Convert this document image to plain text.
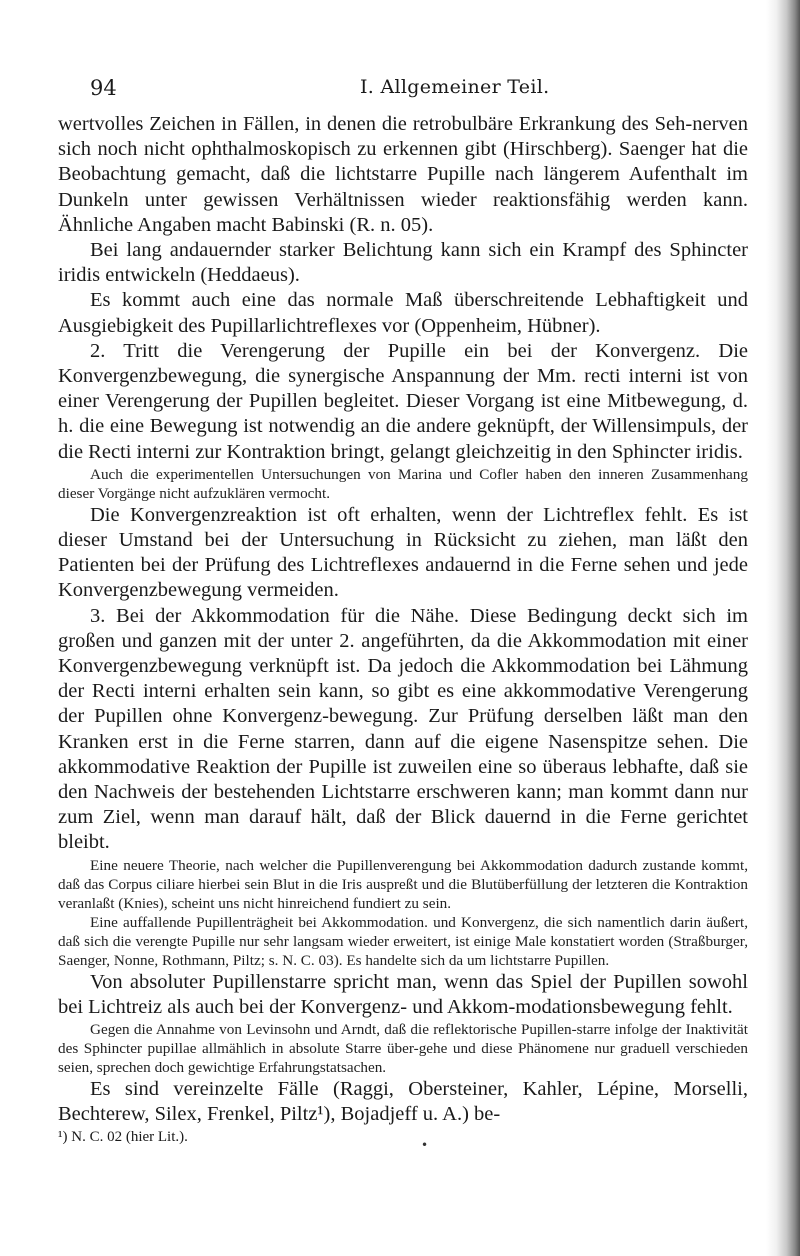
94	I. Allgemeiner Teil.

wertvolles Zeichen in Fällen, in denen die retrobulbäre Erkrankung des Seh-nerven sich noch nicht ophthalmoskopisch zu erkennen gibt (Hirschberg). Saenger hat die Beobachtung gemacht, daß die lichtstarre Pupille nach längerem Aufenthalt im Dunkeln unter gewissen Verhältnissen wieder reaktionsfähig werden kann. Ähnliche Angaben macht Babinski (R. n. 05).

Bei lang andauernder starker Belichtung kann sich ein Krampf des Sphincter iridis entwickeln (Heddaeus).

Es kommt auch eine das normale Maß überschreitende Lebhaftigkeit und Ausgiebigkeit des Pupillarlichtreflexes vor (Oppenheim, Hübner).

2. Tritt die Verengerung der Pupille ein bei der Konvergenz. Die Konvergenzbewegung, die synergische Anspannung der Mm. recti interni ist von einer Verengerung der Pupillen begleitet. Dieser Vorgang ist eine Mitbewegung, d. h. die eine Bewegung ist notwendig an die andere geknüpft, der Willensimpuls, der die Recti interni zur Kontraktion bringt, gelangt gleichzeitig in den Sphincter iridis.

Auch die experimentellen Untersuchungen von Marina und Cofler haben den inneren Zusammenhang dieser Vorgänge nicht aufzuklären vermocht.

Die Konvergenzreaktion ist oft erhalten, wenn der Lichtreflex fehlt. Es ist dieser Umstand bei der Untersuchung in Rücksicht zu ziehen, man läßt den Patienten bei der Prüfung des Lichtreflexes andauernd in die Ferne sehen und jede Konvergenzbewegung vermeiden.

3. Bei der Akkommodation für die Nähe. Diese Bedingung deckt sich im großen und ganzen mit der unter 2. angeführten, da die Akkommodation mit einer Konvergenzbewegung verknüpft ist. Da jedoch die Akkommodation bei Lähmung der Recti interni erhalten sein kann, so gibt es eine akkommodative Verengerung der Pupillen ohne Konvergenz-bewegung. Zur Prüfung derselben läßt man den Kranken erst in die Ferne starren, dann auf die eigene Nasenspitze sehen. Die akkommodative Reaktion der Pupille ist zuweilen eine so überaus lebhafte, daß sie den Nachweis der bestehenden Lichtstarre erschweren kann; man kommt dann nur zum Ziel, wenn man darauf hält, daß der Blick dauernd in die Ferne gerichtet bleibt.

Eine neuere Theorie, nach welcher die Pupillenverengung bei Akkommodation dadurch zustande kommt, daß das Corpus ciliare hierbei sein Blut in die Iris auspreßt und die Blutüberfüllung der letzteren die Kontraktion veranlaßt (Knies), scheint uns nicht hinreichend fundiert zu sein.

Eine auffallende Pupillenträgheit bei Akkommodation. und Konvergenz, die sich namentlich darin äußert, daß sich die verengte Pupille nur sehr langsam wieder erweitert, ist einige Male konstatiert worden (Straßburger, Saenger, Nonne, Rothmann, Piltz; s. N. C. 03). Es handelte sich da um lichtstarre Pupillen.

Von absoluter Pupillenstarre spricht man, wenn das Spiel der Pupillen sowohl bei Lichtreiz als auch bei der Konvergenz- und Akkom-modationsbewegung fehlt.

Gegen die Annahme von Levinsohn und Arndt, daß die reflektorische Pupillen-starre infolge der Inaktivität des Sphincter pupillae allmählich in absolute Starre über-gehe und diese Phänomene nur graduell verschieden seien, sprechen doch gewichtige Erfahrungstatsachen.

Es sind vereinzelte Fälle (Raggi, Obersteiner, Kahler, Lépine, Morselli, Bechterew, Silex, Frenkel, Piltz¹), Bojadjeff u. A.) be-

¹) N. C. 02 (hier Lit.).

•
